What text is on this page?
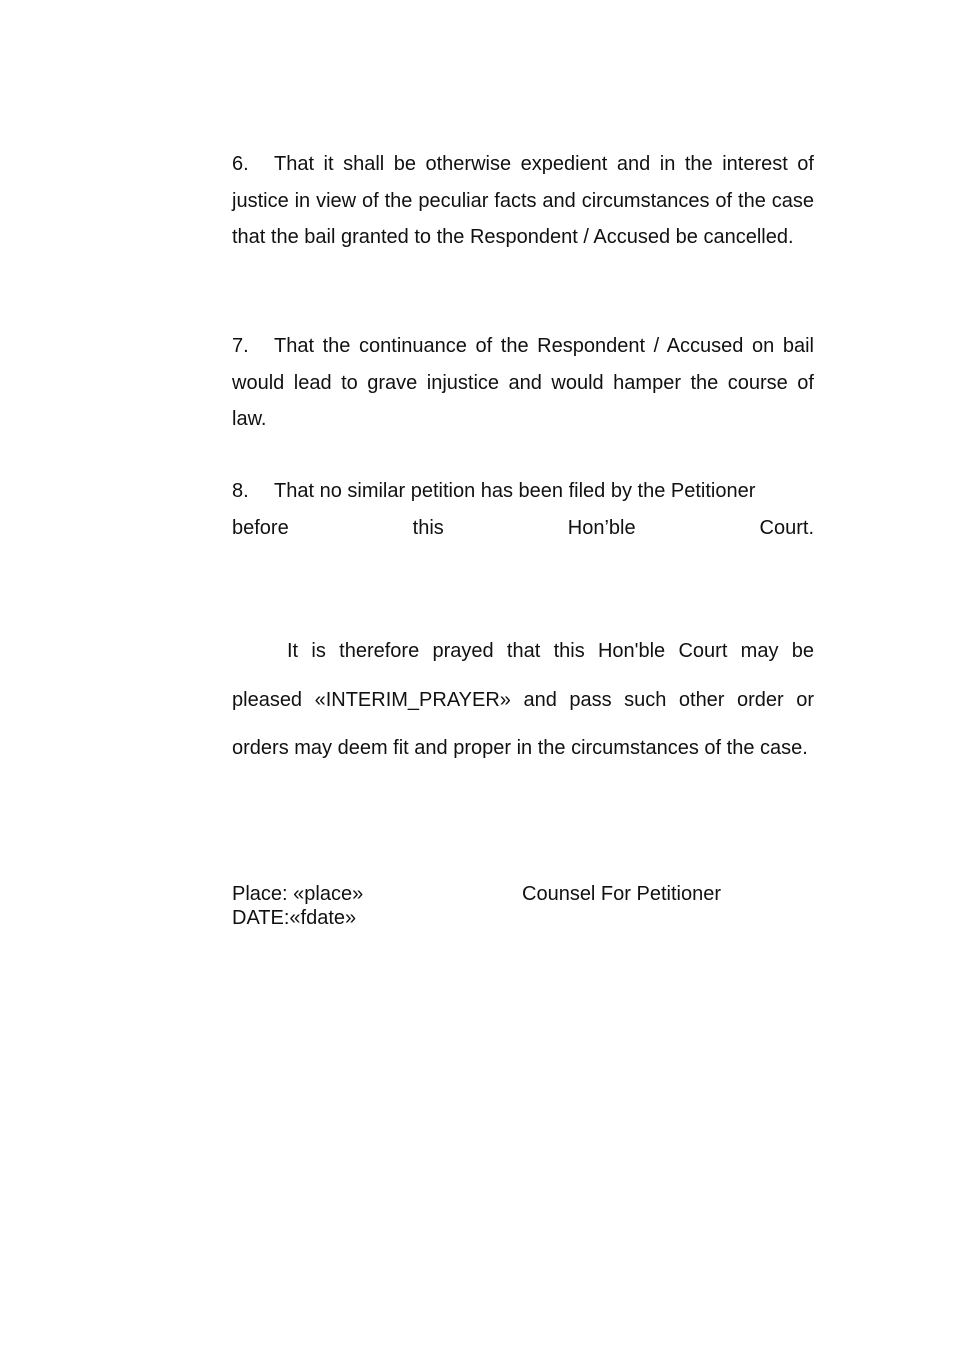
6. That it shall be otherwise expedient and in the interest of justice in view of the peculiar facts and circumstances of the case that the bail granted to the Respondent / Accused be cancelled.

7. That the continuance of the Respondent / Accused on bail would lead to grave injustice and would hamper the course of law.

8. That no similar petition has been filed by the Petitioner
before	this	Hon’ble	Court.

It is therefore prayed that this Hon'ble Court may be pleased «INTERIM_PRAYER» and pass such other order or orders may deem fit and proper in the circumstances of the case.

Place: «place»
DATE:«fdate»
Counsel For Petitioner
